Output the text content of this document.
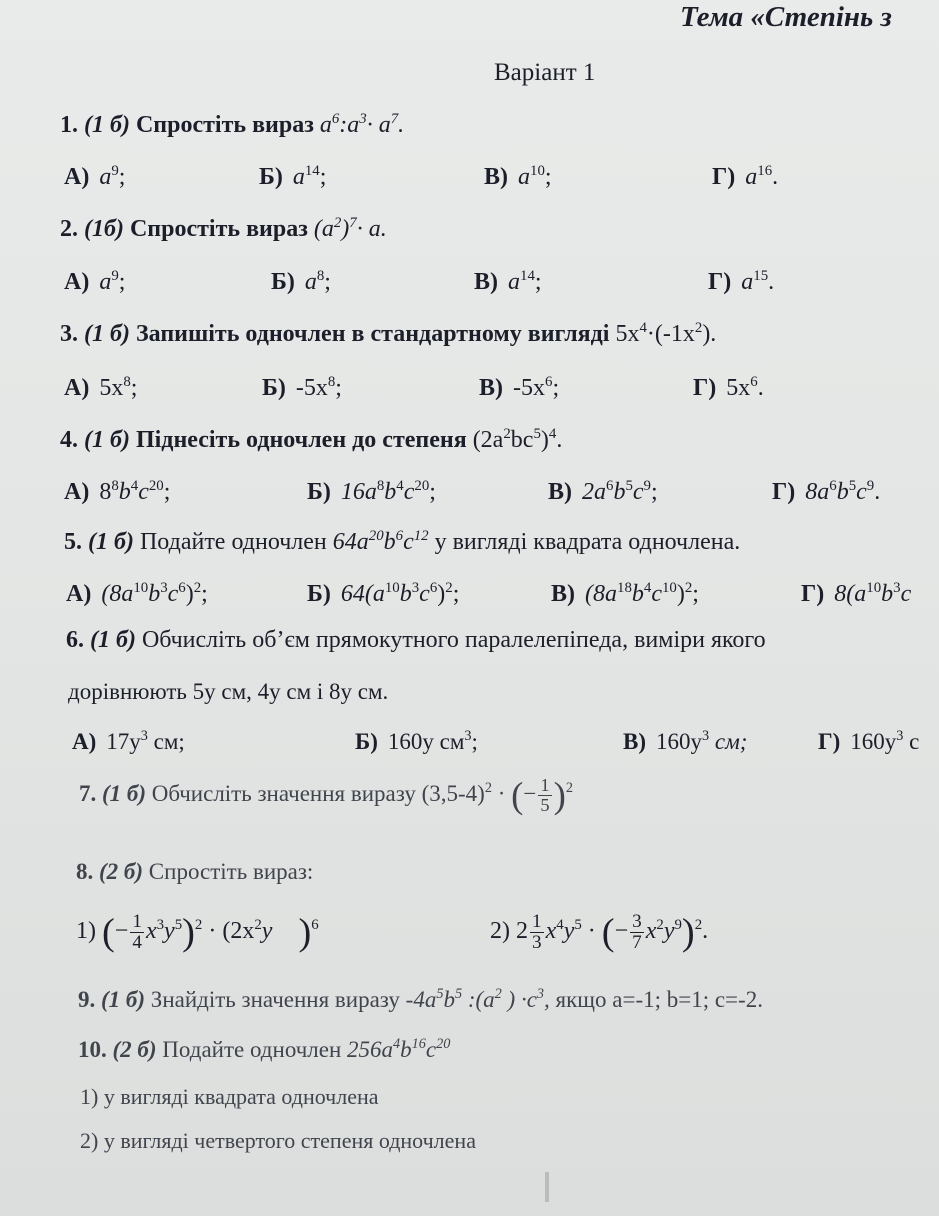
Тема «Степінь з
Варіант 1
1. (1 б) Спростіть вираз $a^6:a^3\cdot a^7$.
А) $a^9$;	Б) $a^{14}$;	В) $a^{10}$;	Г) $a^{16}$.
2. (1б) Спростіть вираз $(a^2)^7\cdot a$.
А) $a^9$;	Б) $a^8$;	В) $a^{14}$;	Г) $a^{15}$.
3. (1 б) Запишіть одночлен в стандартному вигляді $5x^4\cdot(-1x^2)$.
А) $5x^8$;	Б) $-5x^8$;	В) $-5x^6$;	Г) $5x^6$.
4. (1 б) Піднесіть одночлен до степеня $(2a^2bc^5)^4$.
А) $8^8b^4c^{20}$;	Б) $16a^8b^4c^{20}$;	В) $2a^6b^5c^9$;	Г) $8a^6b^5c^9$.
5. (1 б) Подайте одночлен $64a^{20}b^6c^{12}$ у вигляді квадрата одночлена.
А) $(8a^{10}b^3c^6)^2$;	Б) $64(a^{10}b^3c^6)^2$;	В) $(8a^{18}b^4c^{10})^2$;	Г) $8(a^{10}b^3c$
6. (1 б) Обчисліть об’єм прямокутного паралелепіпеда, виміри якого
дорівнюють 5y см, 4y см і 8y см.
А) $17y^3$ см;	Б) 160y $см^3$;	В) $160y^3$ см;	Г) $160y^3$ с
7. (1 б) Обчисліть значення виразу $(3,5-4)^2$ · (− $\frac{1}{5} )^2$
8. (2 б) Спростіть вираз:
1) (− $\frac{1}{4} x^3y^5)^2 \cdot (2x^2y$ )$^6$	2) $2 \frac{1}{3} x^4y^5$ · (− $\frac{3}{7} x^2y^9)^2$.
9. (1 б) Знайдіть значення виразу $-4a^5b^5$ $:(a^2$ ) $\cdot c^3$, якщо a=-1; b=1; c=-2.
10. (2 б) Подайте одночлен $256a^4b^{16}c^{20}$
1) у вигляді квадрата одночлена
2) у вигляді четвертого степеня одночлена
